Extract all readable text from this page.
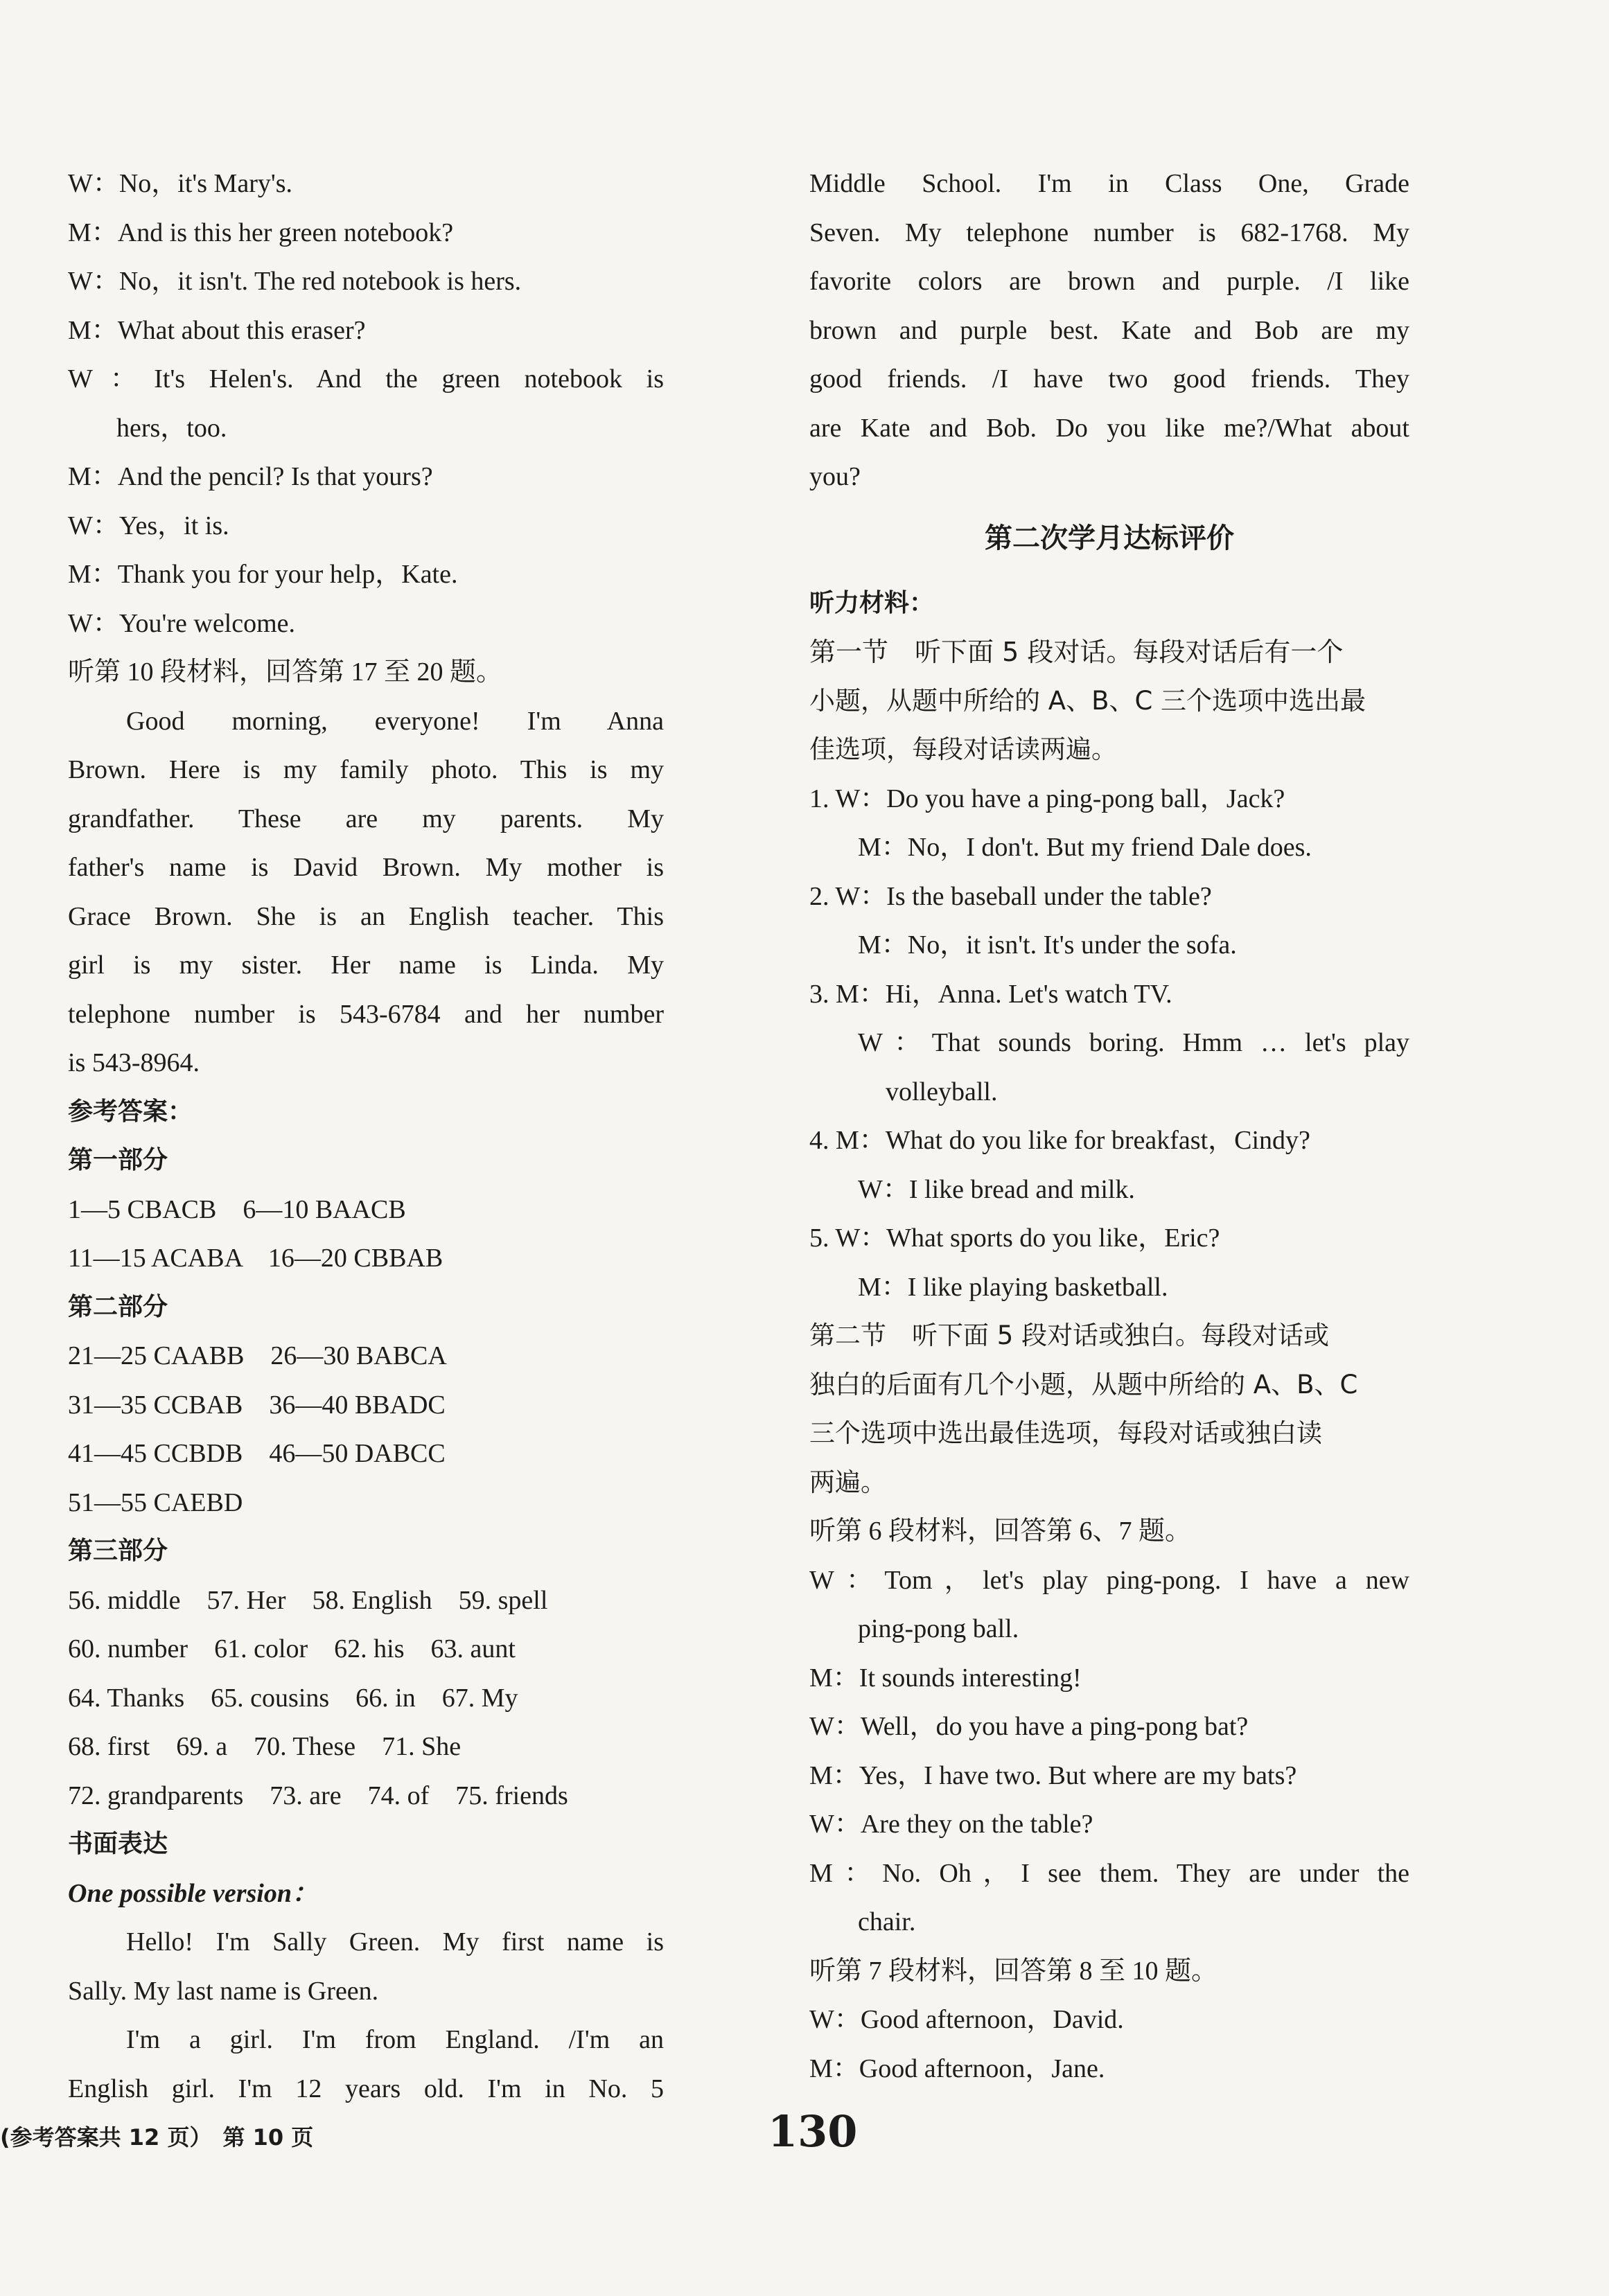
W：No，it's Mary's.
M：And is this her green notebook?
W：No，it isn't. The red notebook is hers.
M：What about this eraser?
W：It's Helen's. And the green notebook is
hers，too.
M：And the pencil? Is that yours?
W：Yes，it is.
M：Thank you for your help，Kate.
W：You're welcome.
听第 10 段材料，回答第 17 至 20 题。
Good morning, everyone! I'm Anna
Brown. Here is my family photo. This is my
grandfather. These are my parents. My
father's name is David Brown. My mother is
Grace Brown. She is an English teacher. This
girl is my sister. Her name is Linda. My
telephone number is 543-6784 and her number
is 543-8964.
参考答案：
第一部分
1—5 CBACB　6—10 BAACB
11—15 ACABA　16—20 CBBAB
第二部分
21—25 CAABB　26—30 BABCA
31—35 CCBAB　36—40 BBADC
41—45 CCBDB　46—50 DABCC
51—55 CAEBD
第三部分
56. middle　57. Her　58. English　59. spell
60. number　61. color　62. his　63. aunt
64. Thanks　65. cousins　66. in　67. My
68. first　69. a　70. These　71. She
72. grandparents　73. are　74. of　75. friends
书面表达
One possible version：
Hello! I'm Sally Green. My first name is
Sally. My last name is Green.
I'm a girl. I'm from England. /I'm an
English girl. I'm 12 years old. I'm in No. 5
Middle School. I'm in Class One, Grade
Seven. My telephone number is 682-1768. My
favorite colors are brown and purple. /I like
brown and purple best. Kate and Bob are my
good friends. /I have two good friends. They
are Kate and Bob. Do you like me?/What about
you?
第二次学月达标评价
听力材料：
第一节　听下面 5 段对话。每段对话后有一个
小题，从题中所给的 A、B、C 三个选项中选出最
佳选项，每段对话读两遍。
1. W：Do you have a ping-pong ball，Jack?
M：No，I don't. But my friend Dale does.
2. W：Is the baseball under the table?
M：No，it isn't. It's under the sofa.
3. M：Hi，Anna. Let's watch TV.
W：That sounds boring. Hmm … let's play
volleyball.
4. M：What do you like for breakfast，Cindy?
W：I like bread and milk.
5. W：What sports do you like，Eric?
M：I like playing basketball.
第二节　听下面 5 段对话或独白。每段对话或
独白的后面有几个小题，从题中所给的 A、B、C
三个选项中选出最佳选项，每段对话或独白读
两遍。
听第 6 段材料，回答第 6、7 题。
W：Tom，let's play ping-pong. I have a new
ping-pong ball.
M：It sounds interesting!
W：Well，do you have a ping-pong bat?
M：Yes，I have two. But where are my bats?
W：Are they on the table?
M：No. Oh，I see them. They are under the
chair.
听第 7 段材料，回答第 8 至 10 题。
W：Good afternoon，David.
M：Good afternoon，Jane.
(参考答案共 12 页）　第 10 页	130
